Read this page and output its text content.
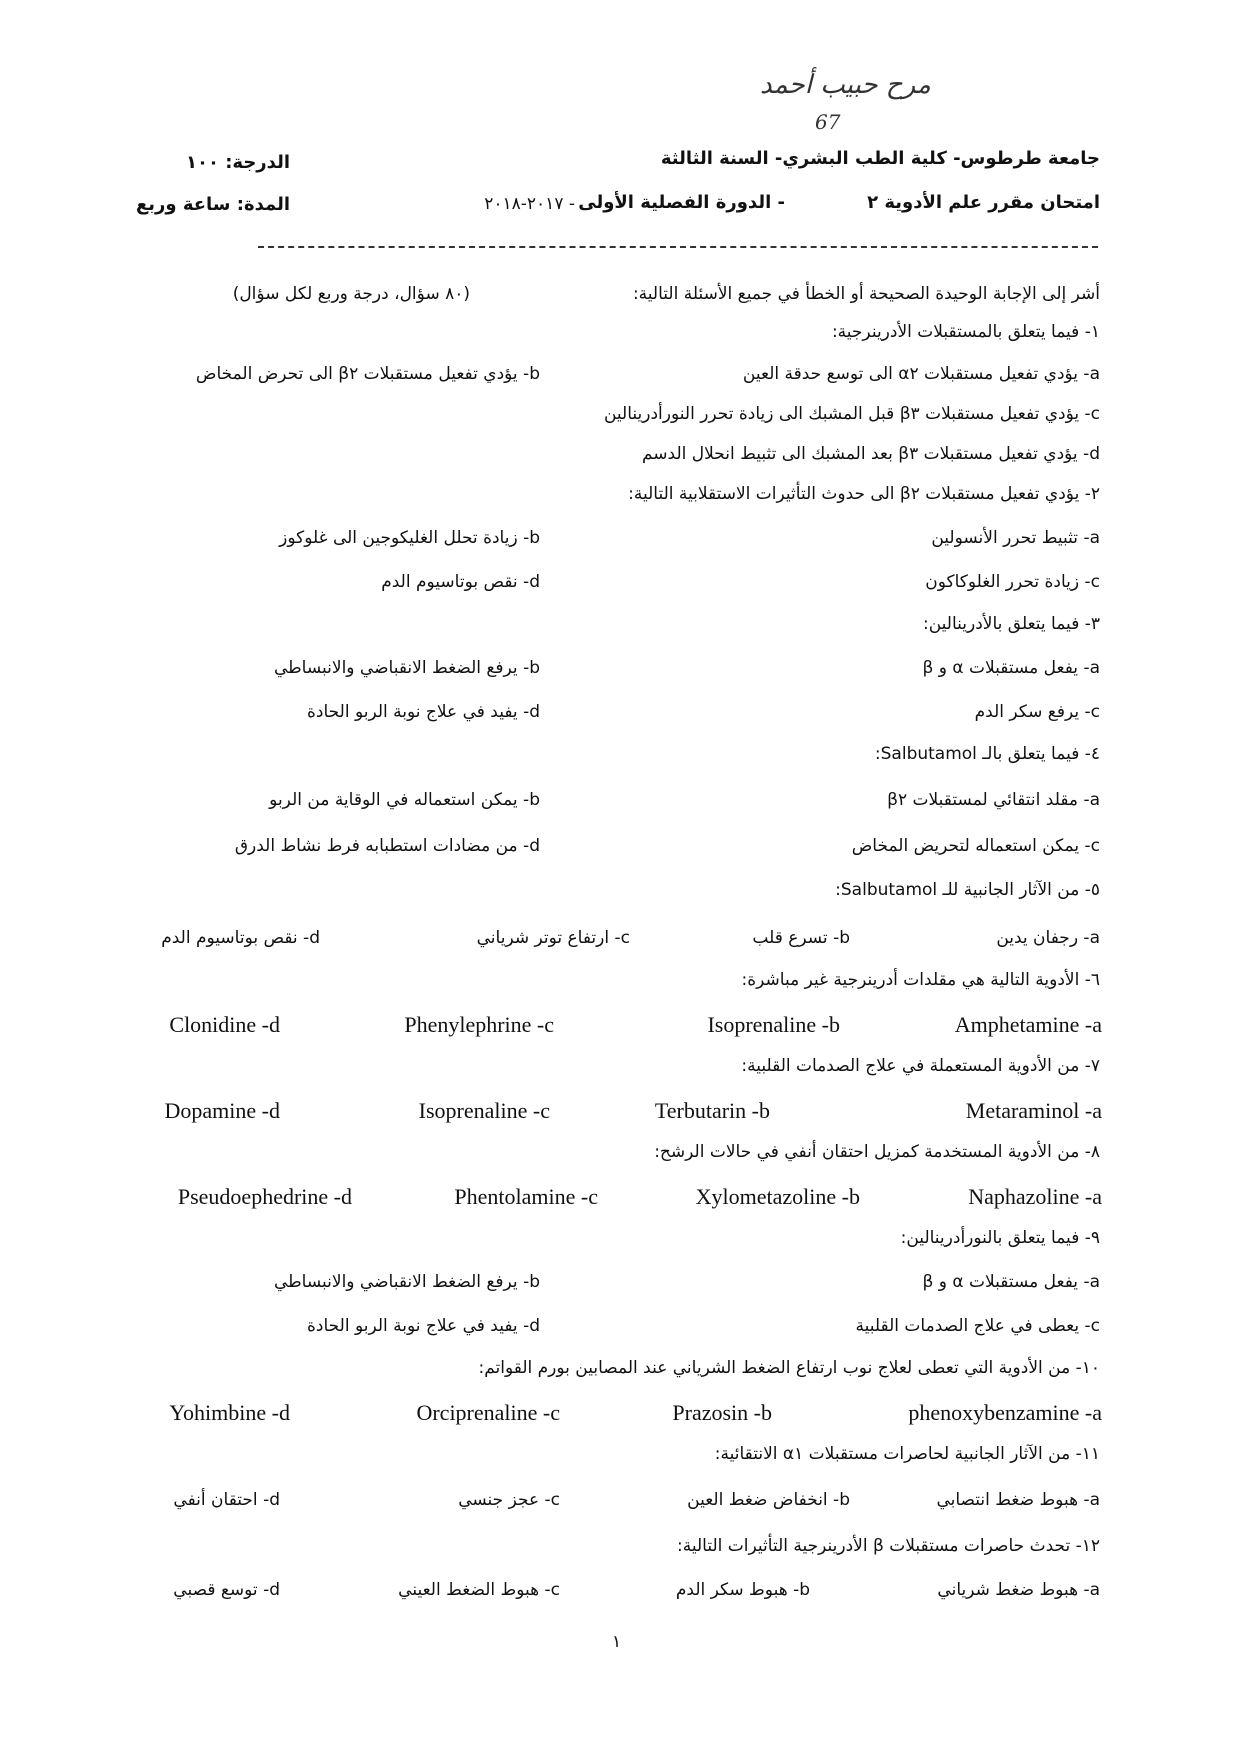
مرح حبيب أحمد
67
جامعة طرطوس- كلية الطب البشري- السنة الثالثة
الدرجة: ١٠٠
امتحان مقرر علم الأدوية ٢
- الدورة الفصلية الأولى
- ٢٠١٧-٢٠١٨
المدة: ساعة وربع
أشر إلى الإجابة الوحيدة الصحيحة أو الخطأ في جميع الأسئلة التالية:
(٨٠ سؤال، درجة وربع لكل سؤال)
١- فيما يتعلق بالمستقبلات الأدرينرجية:
a- يؤدي تفعيل مستقبلات α٢ الى توسع حدقة العين
b- يؤدي تفعيل مستقبلات β٢ الى تحرض المخاض
c- يؤدي تفعيل مستقبلات β٣ قبل المشبك الى زيادة تحرر النورأدرينالين
d- يؤدي تفعيل مستقبلات β٣ بعد المشبك الى تثبيط انحلال الدسم
٢- يؤدي تفعيل مستقبلات β٢ الى حدوث التأثيرات الاستقلابية التالية:
a- تثبيط تحرر الأنسولين
b- زيادة تحلل الغليكوجين الى غلوكوز
c- زيادة تحرر الغلوكاكون
d- نقص بوتاسيوم الدم
٣- فيما يتعلق بالأدرينالين:
a- يفعل مستقبلات α و β
b- يرفع الضغط الانقباضي والانبساطي
c- يرفع سكر الدم
d- يفيد في علاج نوبة الربو الحادة
٤- فيما يتعلق بالـ Salbutamol:
a- مقلد انتقائي لمستقبلات β٢
b- يمكن استعماله في الوقاية من الربو
c- يمكن استعماله لتحريض المخاض
d- من مضادات استطبابه فرط نشاط الدرق
٥- من الآثار الجانبية للـ Salbutamol:
a- رجفان يدين
b- تسرع قلب
c- ارتفاع توتر شرياني
d- نقص بوتاسيوم الدم
٦- الأدوية التالية هي مقلدات أدرينرجية غير مباشرة:
Amphetamine -a
Isoprenaline -b
Phenylephrine -c
Clonidine -d
٧- من الأدوية المستعملة في علاج الصدمات القلبية:
Metaraminol -a
Terbutarin -b
Isoprenaline -c
Dopamine -d
٨- من الأدوية المستخدمة كمزيل احتقان أنفي في حالات الرشح:
Naphazoline -a
Xylometazoline -b
Phentolamine -c
Pseudoephedrine -d
٩- فيما يتعلق بالنورأدرينالين:
a- يفعل مستقبلات α و β
b- يرفع الضغط الانقباضي والانبساطي
c- يعطى في علاج الصدمات القلبية
d- يفيد في علاج نوبة الربو الحادة
١٠- من الأدوية التي تعطى لعلاج نوب ارتفاع الضغط الشرياني عند المصابين بورم القواتم:
phenoxybenzamine -a
Prazosin -b
Orciprenaline -c
Yohimbine -d
١١- من الآثار الجانبية لحاصرات مستقبلات α١ الانتقائية:
a- هبوط ضغط انتصابي
b- انخفاض ضغط العين
c- عجز جنسي
d- احتقان أنفي
١٢- تحدث حاصرات مستقبلات β الأدرينرجية التأثيرات التالية:
a- هبوط ضغط شرياني
b- هبوط سكر الدم
c- هبوط الضغط العيني
d- توسع قصبي
١
